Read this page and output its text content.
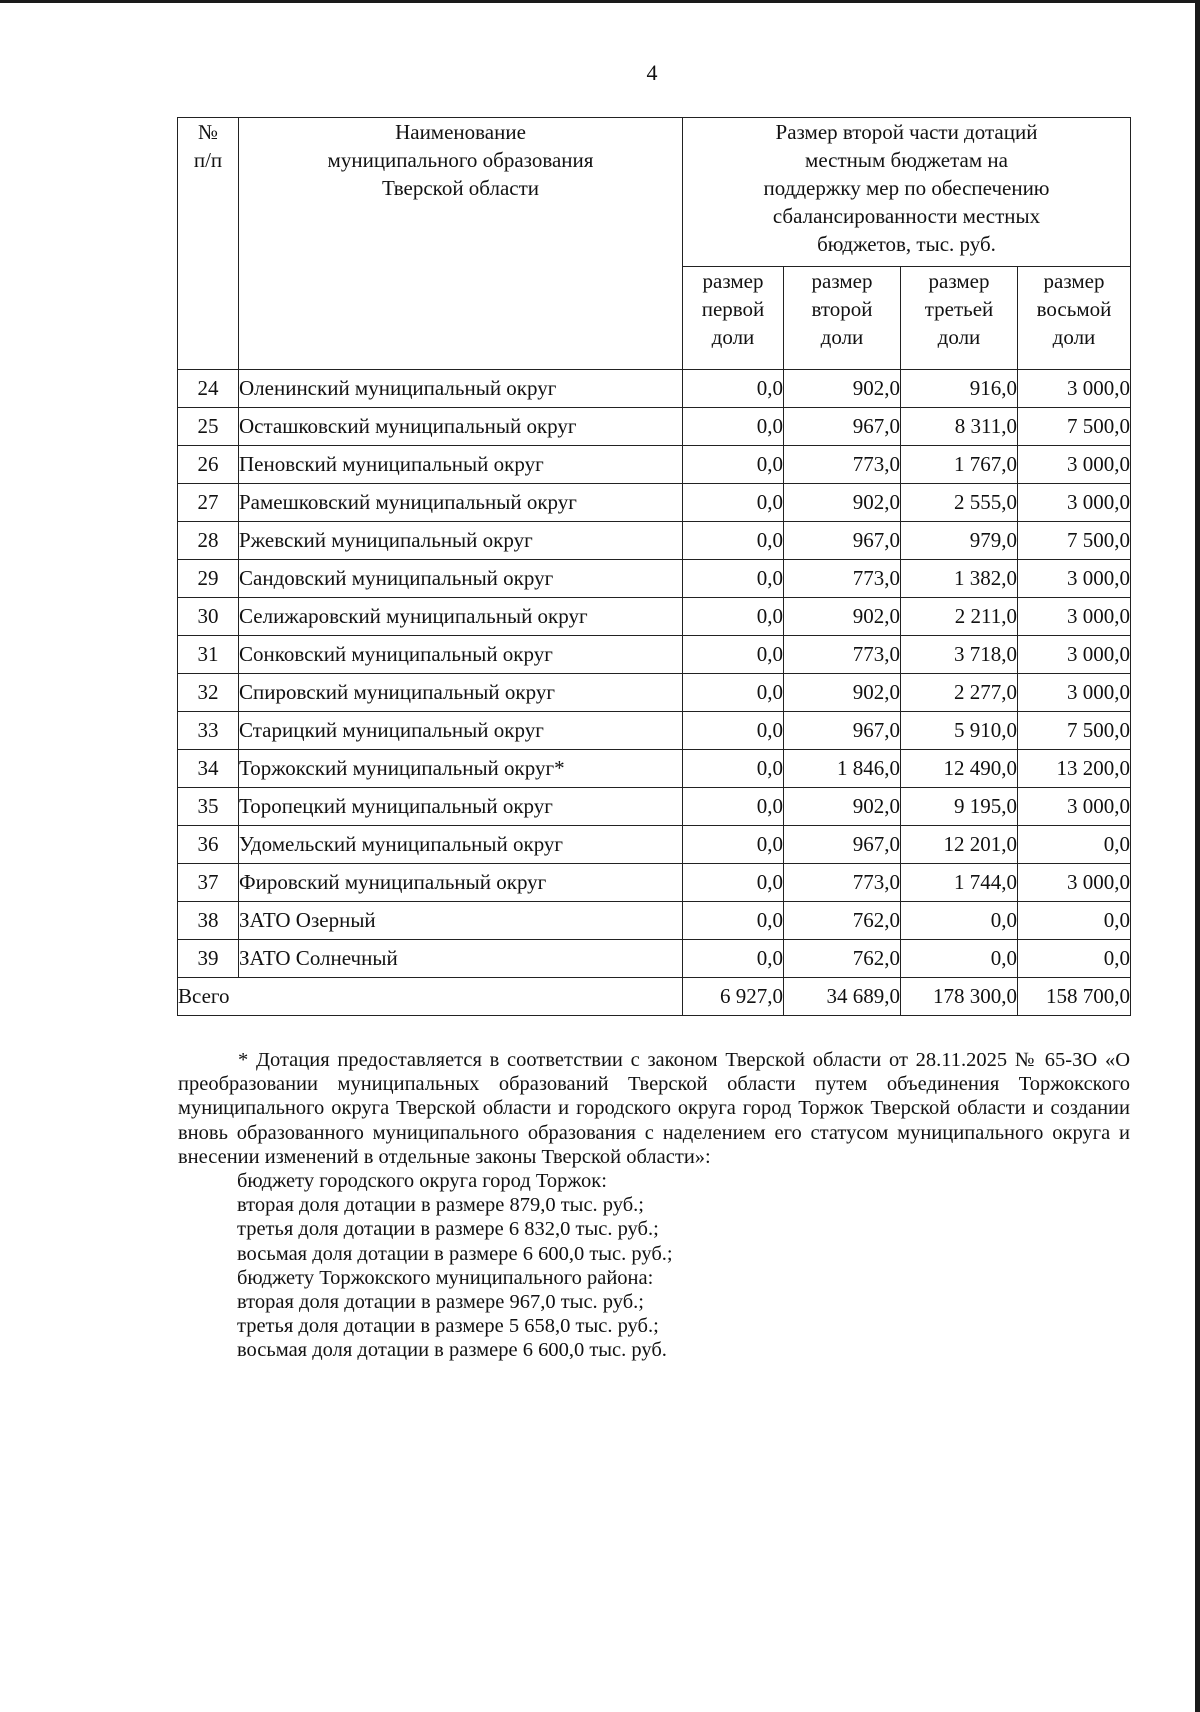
4
№
п/п

Наименование
муниципального образования
Тверской области

Размер второй части дотаций
местным бюджетам на
поддержку мер по обеспечению
сбалансированности местных
бюджетов, тыс. руб.

размер
первой
доли

размер
второй
доли

размер
третьей
доли

размер
восьмой
доли

24	Оленинский муниципальный округ	0,0	902,0	916,0	3 000,0
25	Осташковский муниципальный округ	0,0	967,0	8 311,0	7 500,0
26	Пеновский муниципальный округ	0,0	773,0	1 767,0	3 000,0
27	Рамешковский муниципальный округ	0,0	902,0	2 555,0	3 000,0
28	Ржевский муниципальный округ	0,0	967,0	979,0	7 500,0
29	Сандовский муниципальный округ	0,0	773,0	1 382,0	3 000,0
30	Селижаровский муниципальный округ	0,0	902,0	2 211,0	3 000,0
31	Сонковский муниципальный округ	0,0	773,0	3 718,0	3 000,0
32	Спировский муниципальный округ	0,0	902,0	2 277,0	3 000,0
33	Старицкий муниципальный округ	0,0	967,0	5 910,0	7 500,0
34	Торжокский муниципальный округ*	0,0	1 846,0	12 490,0	13 200,0
35	Торопецкий муниципальный округ	0,0	902,0	9 195,0	3 000,0
36	Удомельский муниципальный округ	0,0	967,0	12 201,0	0,0
37	Фировский муниципальный округ	0,0	773,0	1 744,0	3 000,0
38	ЗАТО Озерный	0,0	762,0	0,0	0,0
39	ЗАТО Солнечный	0,0	762,0	0,0	0,0
Всего		6 927,0	34 689,0	178 300,0	158 700,0
* Дотация предоставляется в соответствии с законом Тверской области от 28.11.2025 № 65-ЗО «О преобразовании муниципальных образований Тверской области путем объединения Торжокского муниципального округа Тверской области и городского округа город Торжок Тверской области и создании вновь образованного муниципального образования с наделением его статусом муниципального округа и внесении изменений в отдельные законы Тверской области»:
бюджету городского округа город Торжок:
вторая доля дотации в размере 879,0 тыс. руб.;
третья доля дотации в размере 6 832,0 тыс. руб.;
восьмая доля дотации в размере 6 600,0 тыс. руб.;
бюджету Торжокского муниципального района:
вторая доля дотации в размере 967,0 тыс. руб.;
третья доля дотации в размере 5 658,0 тыс. руб.;
восьмая доля дотации в размере 6 600,0 тыс. руб.
